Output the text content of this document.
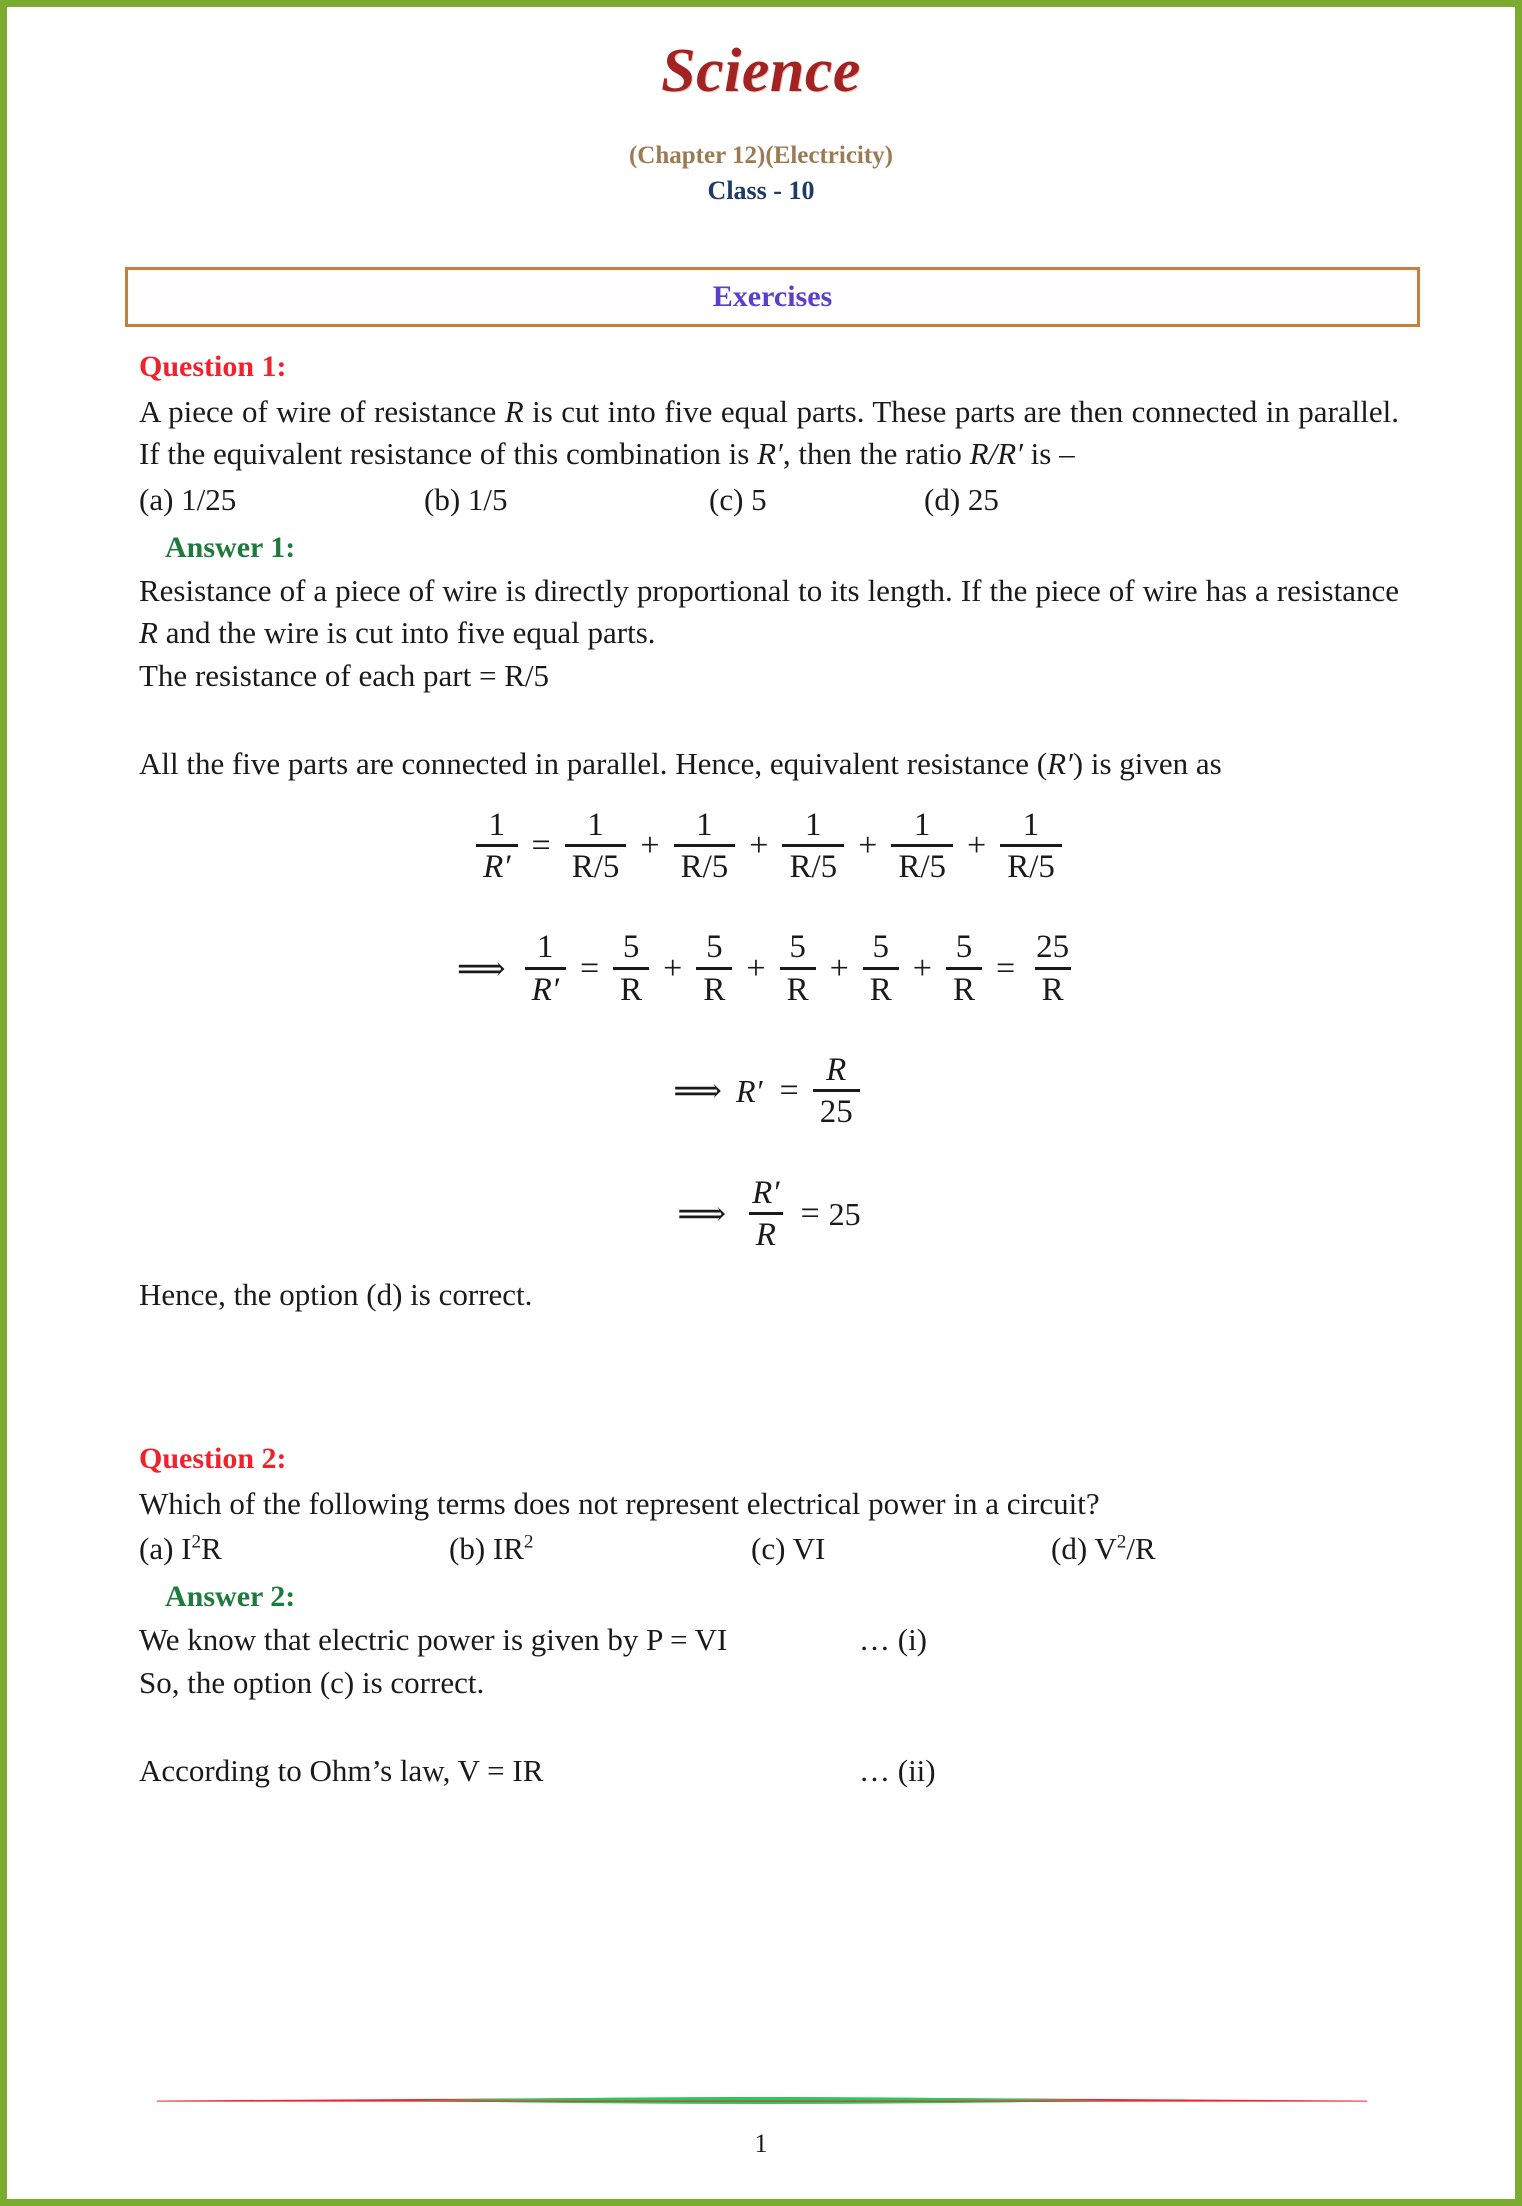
Science
(Chapter 12)(Electricity)
Class - 10
Exercises
Question 1:

A piece of wire of resistance R is cut into five equal parts. These parts are then connected in parallel. If the equivalent resistance of this combination is R′, then the ratio R/R′ is –

(a) 1/25	(b) 1/5	(c) 5	(d) 25
Answer 1:

Resistance of a piece of wire is directly proportional to its length. If the piece of wire has a resistance R and the wire is cut into five equal parts.

The resistance of each part = R/5

All the five parts are connected in parallel. Hence, equivalent resistance (R′) is given as

$\frac{1}{R'} = \frac{1}{R/5} + \frac{1}{R/5} + \frac{1}{R/5} + \frac{1}{R/5} + \frac{1}{R/5}$
⟹ $\frac{1}{R'} = \frac{5}{R} + \frac{5}{R} + \frac{5}{R} + \frac{5}{R} + \frac{5}{R} = \frac{25}{R}$
⟹ $R' = \frac{R}{25}$
⟹ $\frac{R'}{R} = 25$

Hence, the option (d) is correct.

Question 2:

Which of the following terms does not represent electrical power in a circuit?

(a) $I^2R$	(b) $IR^2$	(c) VI	(d) $V^2/R$
Answer 2:
We know that electric power is given by P = VI	… (i)

So, the option (c) is correct.

According to Ohm’s law, V = IR	… (ii)
1
